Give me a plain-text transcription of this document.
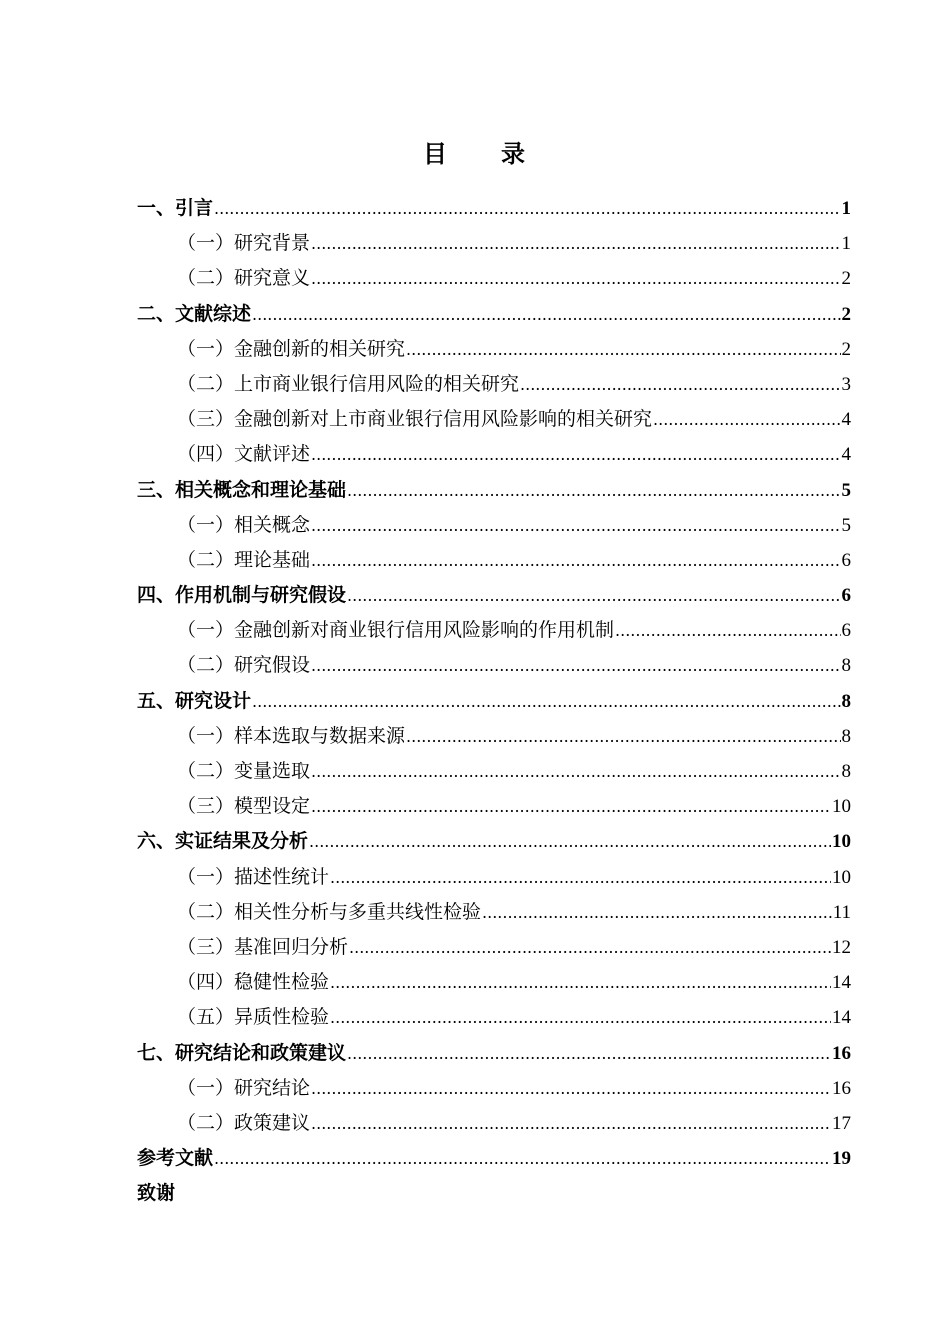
目　　录
一、 引言 .....	1
（一）研究背景 .....	1
（二）研究意义 .....	2
二、 文献综述 .....	2
（一）金融创新的相关研究 .....	2
（二）上市商业银行信用风险的相关研究 .....	3
（三）金融创新对上市商业银行信用风险影响的相关研究 .....	4
（四）文献评述 .....	4
三、 相关概念和理论基础 .....	5
（一）相关概念 .....	5
（二）理论基础 .....	6
四、 作用机制与研究假设 .....	6
（一）金融创新对商业银行信用风险影响的作用机制 .....	6
（二）研究假设 .....	8
五、 研究设计 .....	8
（一）样本选取与数据来源 .....	8
（二）变量选取 .....	8
（三）模型设定 .....	10
六、 实证结果及分析 .....	10
（一）描述性统计 .....	10
（二）相关性分析与多重共线性检验 .....	11
（三）基准回归分析 .....	12
（四）稳健性检验 .....	14
（五）异质性检验 .....	14
七、 研究结论和政策建议 .....	16
（一）研究结论 .....	16
（二）政策建议 .....	17
参考文献 .....	19
致谢
